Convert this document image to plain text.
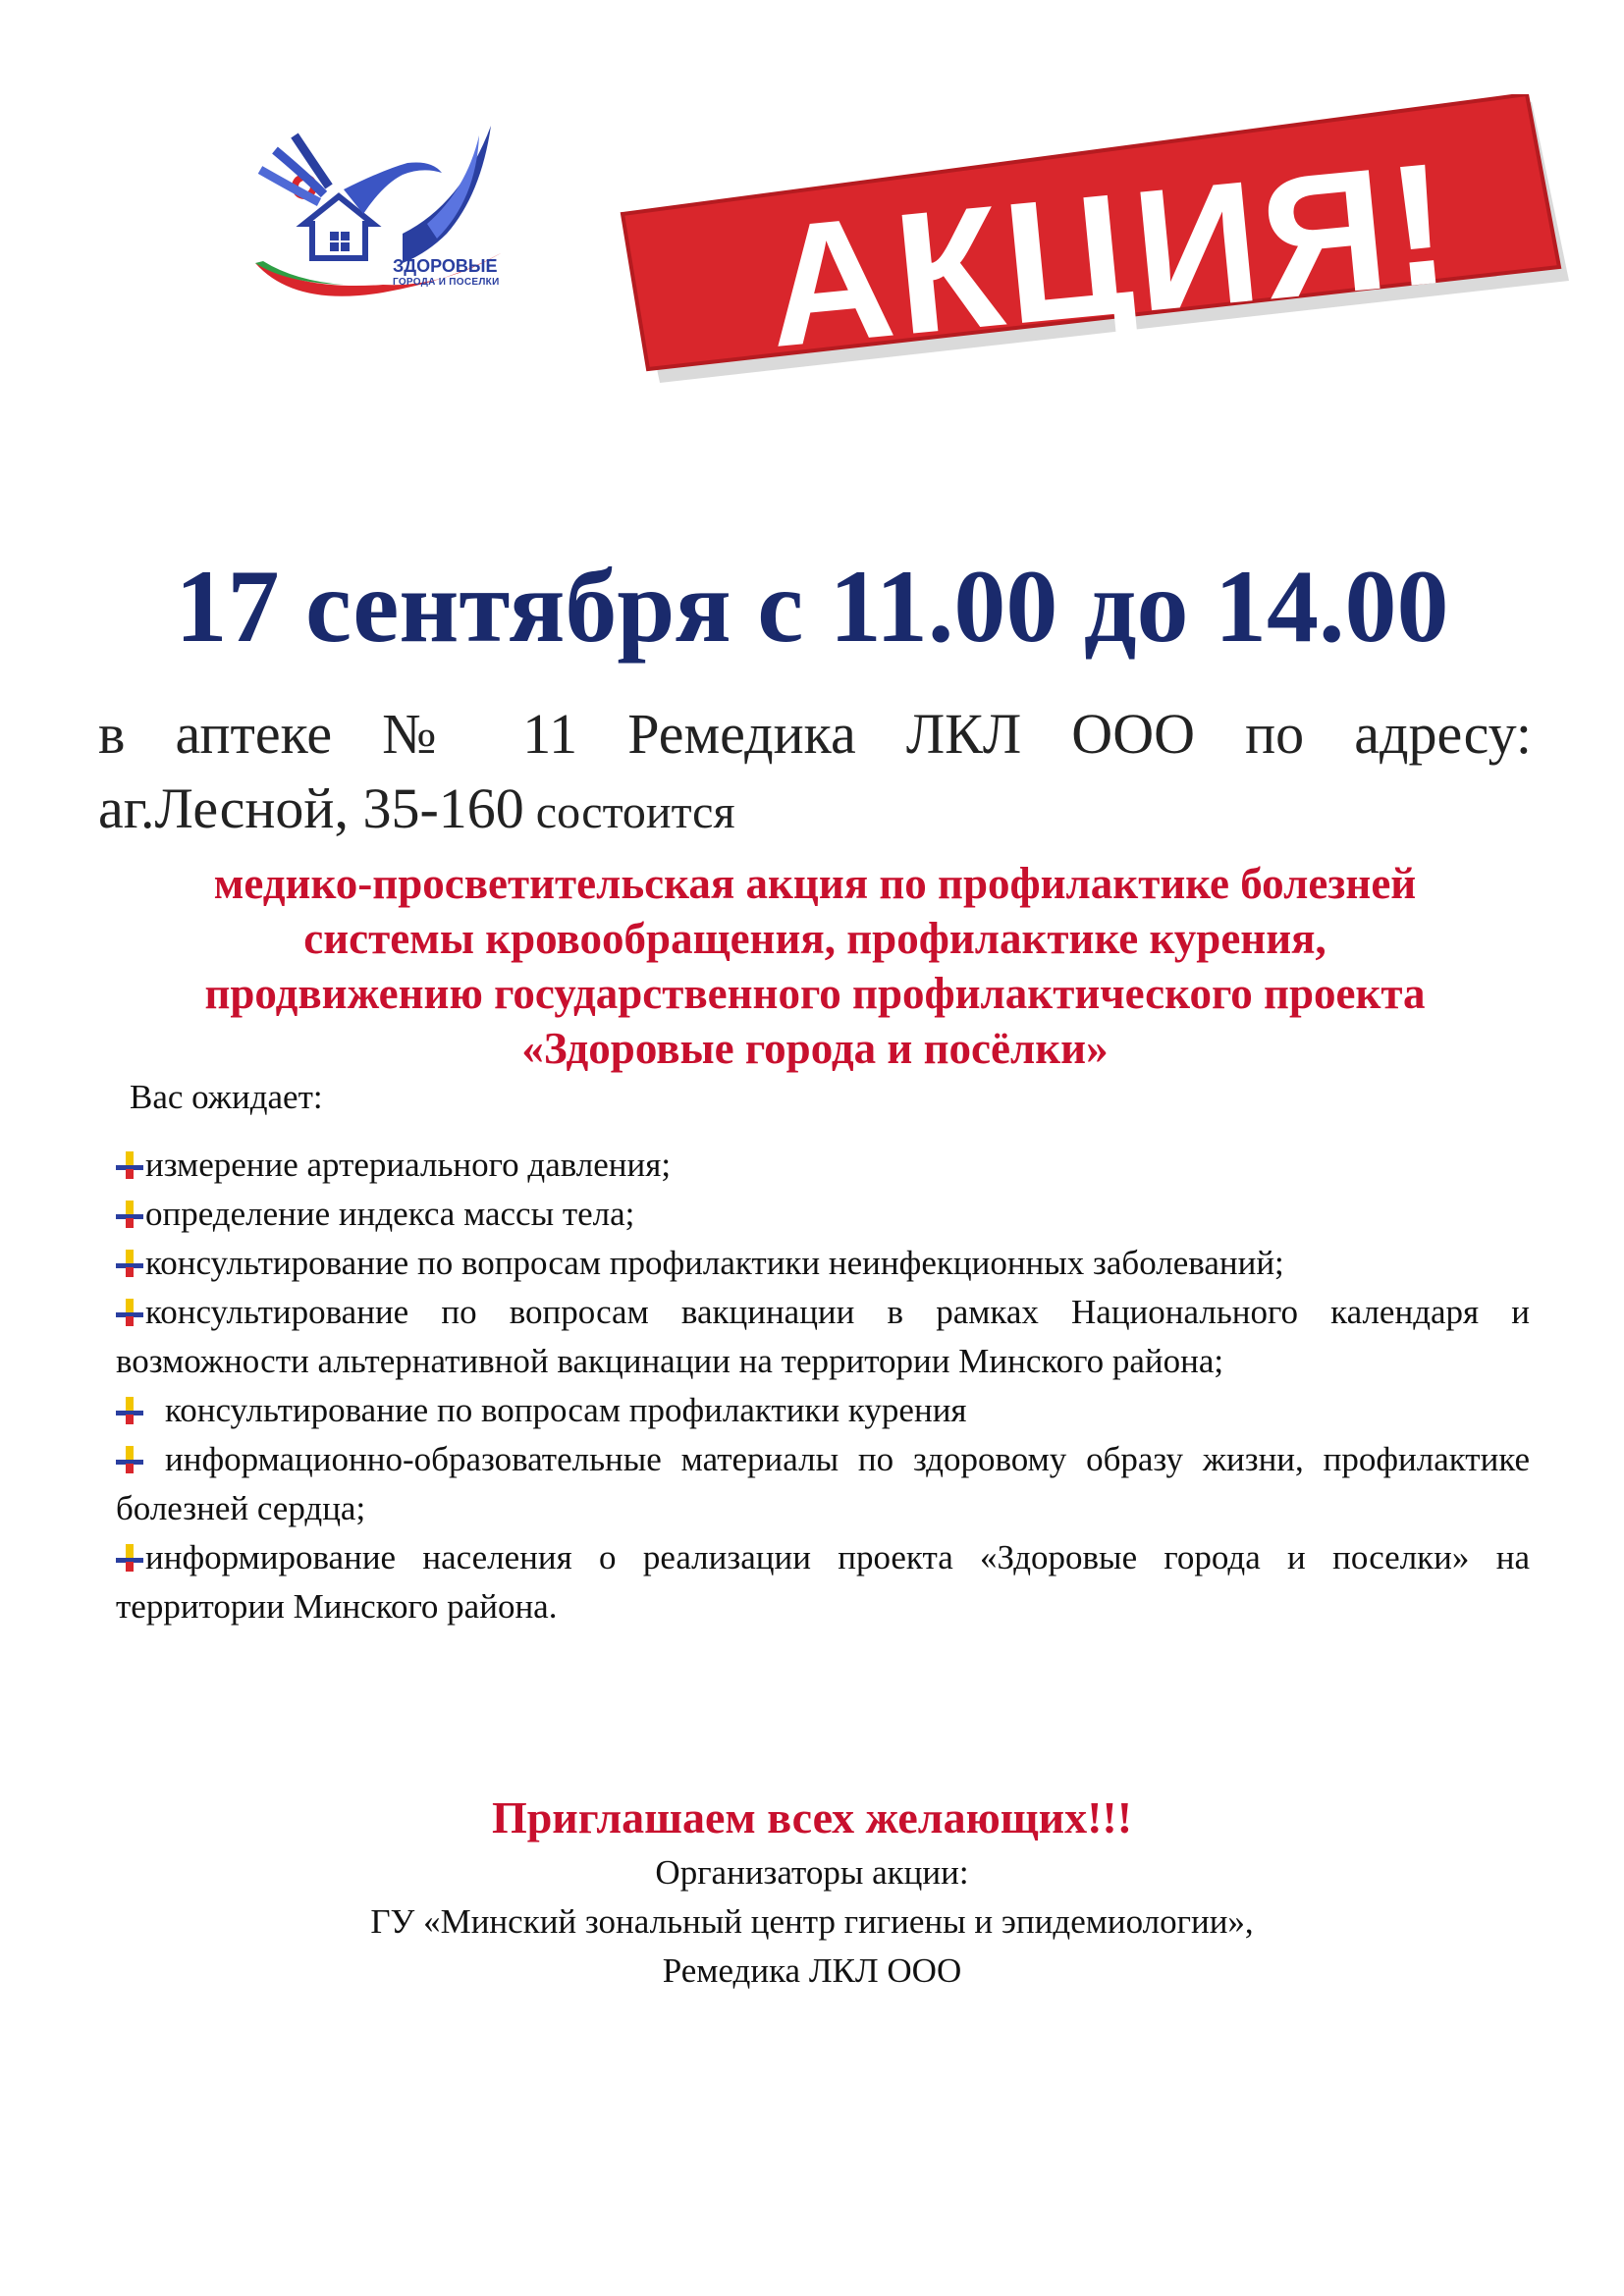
ЗДОРОВЫЕ
ГОРОДА И ПОСЕЛКИ	АКЦИЯ!
17 сентября с 11.00 до 14.00
в аптеке № 11 Ремедика ЛКЛ ООО по адресу:
аг.Лесной, 35-160 состоится
медико-просветительская акция по профилактике болезней
системы кровообращения, профилактике курения,
продвижению государственного профилактического проекта
«Здоровые города и посёлки»
Вас ожидает:
измерение артериального давления;
определение индекса массы тела;
консультирование по вопросам профилактики неинфекционных заболеваний;
консультирование по вопросам вакцинации в рамках Национального календаря и возможности альтернативной вакцинации на территории Минского района;
консультирование по вопросам профилактики курения
информационно-образовательные материалы по здоровому образу жизни, профилактике болезней сердца;
информирование населения о реализации проекта «Здоровые города и поселки» на территории Минского района.
Приглашаем всех желающих!!!
Организаторы акции:
ГУ «Минский зональный центр гигиены и эпидемиологии»,
Ремедика ЛКЛ ООО
